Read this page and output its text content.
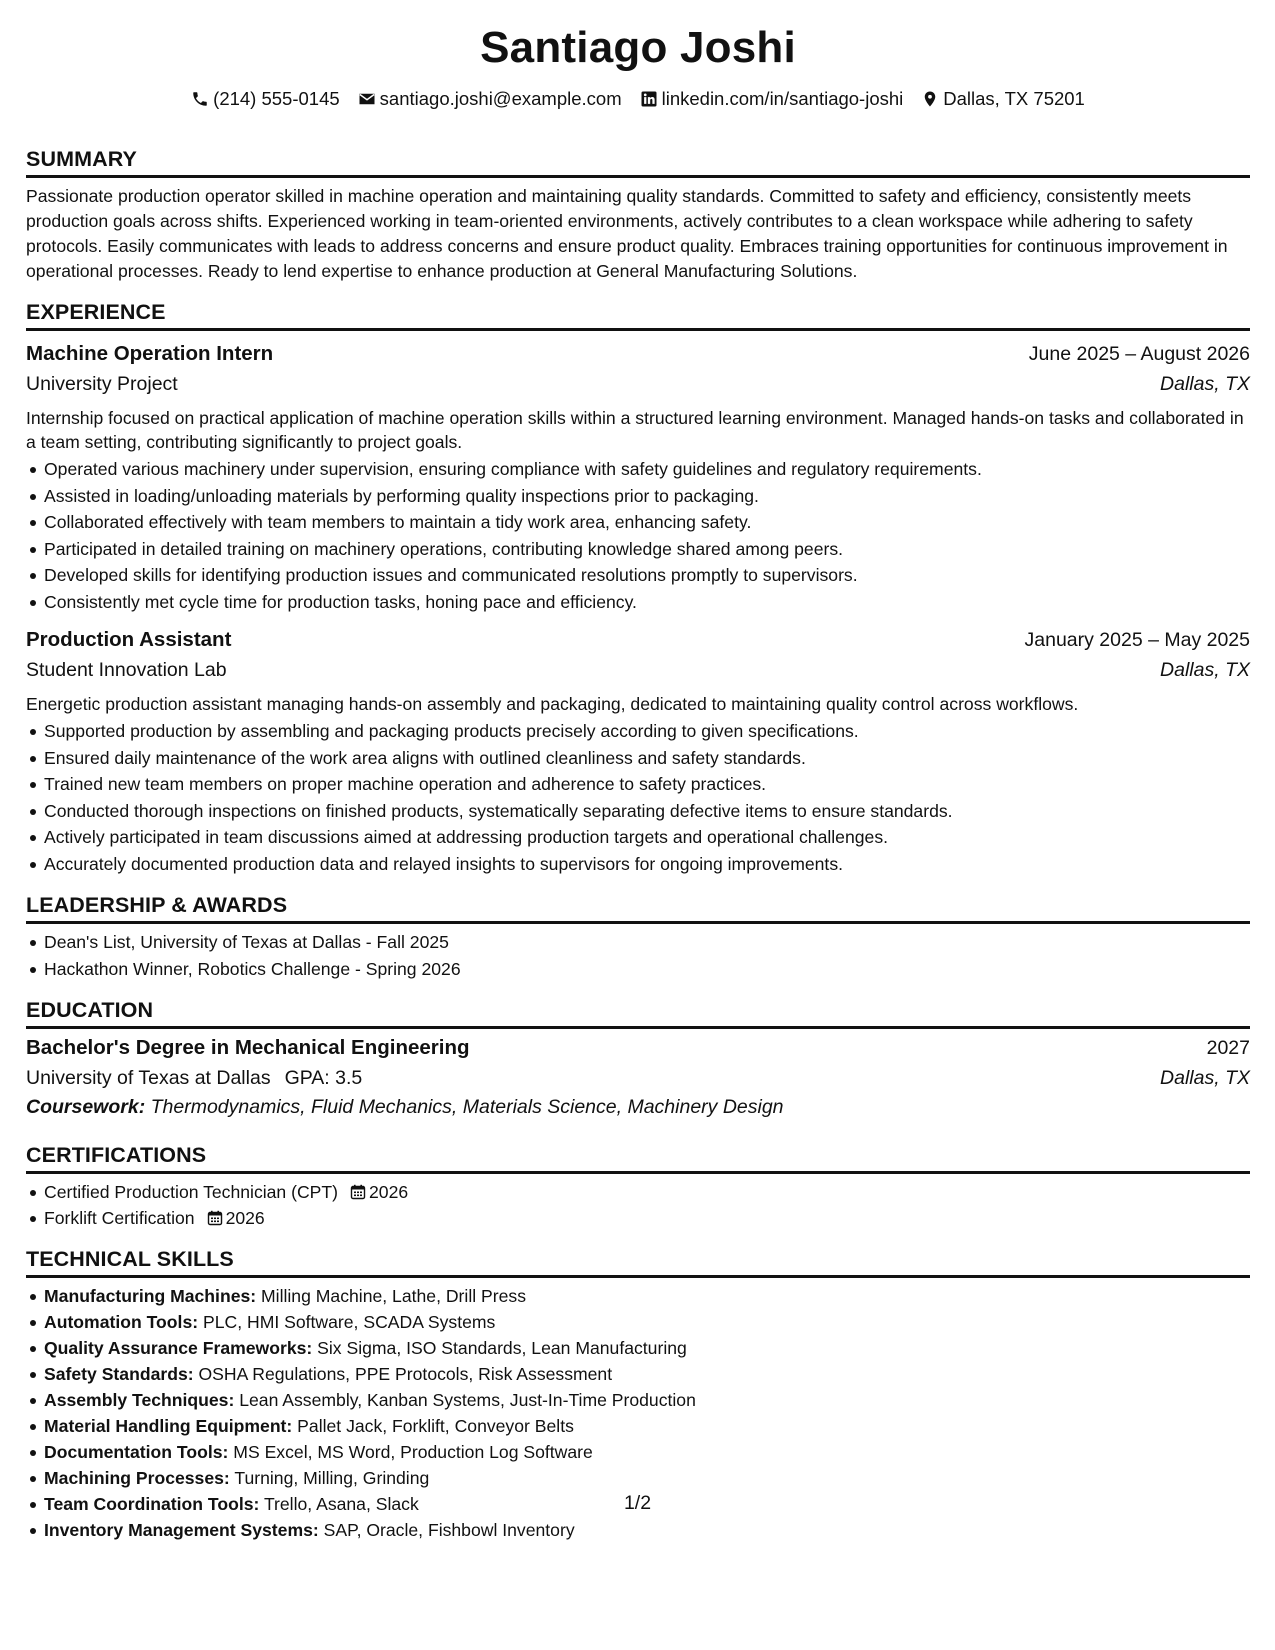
Santiago Joshi
(214) 555-0145 santiago.joshi@example.com linkedin.com/in/santiago-joshi Dallas, TX 75201
SUMMARY

Passionate production operator skilled in machine operation and maintaining quality standards. Committed to safety and efficiency, consistently meets production goals across shifts. Experienced working in team-oriented environments, actively contributes to a clean workspace while adhering to safety protocols. Easily communicates with leads to address concerns and ensure product quality. Embraces training opportunities for continuous improvement in operational processes. Ready to lend expertise to enhance production at General Manufacturing Solutions.

EXPERIENCE
Machine Operation Intern	June 2025 – August 2026
University Project	Dallas, TX

Internship focused on practical application of machine operation skills within a structured learning environment. Managed hands-on tasks and collaborated in a team setting, contributing significantly to project goals.

Operated various machinery under supervision, ensuring compliance with safety guidelines and regulatory requirements.
Assisted in loading/unloading materials by performing quality inspections prior to packaging.
Collaborated effectively with team members to maintain a tidy work area, enhancing safety.
Participated in detailed training on machinery operations, contributing knowledge shared among peers.
Developed skills for identifying production issues and communicated resolutions promptly to supervisors.
Consistently met cycle time for production tasks, honing pace and efficiency.
Production Assistant	January 2025 – May 2025
Student Innovation Lab	Dallas, TX

Energetic production assistant managing hands-on assembly and packaging, dedicated to maintaining quality control across workflows.

Supported production by assembling and packaging products precisely according to given specifications.
Ensured daily maintenance of the work area aligns with outlined cleanliness and safety standards.
Trained new team members on proper machine operation and adherence to safety practices.
Conducted thorough inspections on finished products, systematically separating defective items to ensure standards.
Actively participated in team discussions aimed at addressing production targets and operational challenges.
Accurately documented production data and relayed insights to supervisors for ongoing improvements.
LEADERSHIP & AWARDS
Dean's List, University of Texas at Dallas - Fall 2025
Hackathon Winner, Robotics Challenge - Spring 2026
EDUCATION
Bachelor's Degree in Mechanical Engineering	2027
University of Texas at Dallas GPA: 3.5	Dallas, TX
Coursework: Thermodynamics, Fluid Mechanics, Materials Science, Machinery Design
CERTIFICATIONS
Certified Production Technician (CPT) 2026
Forklift Certification 2026
TECHNICAL SKILLS
Manufacturing Machines: Milling Machine, Lathe, Drill Press
Automation Tools: PLC, HMI Software, SCADA Systems
Quality Assurance Frameworks: Six Sigma, ISO Standards, Lean Manufacturing
Safety Standards: OSHA Regulations, PPE Protocols, Risk Assessment
Assembly Techniques: Lean Assembly, Kanban Systems, Just-In-Time Production
Material Handling Equipment: Pallet Jack, Forklift, Conveyor Belts
Documentation Tools: MS Excel, MS Word, Production Log Software
Machining Processes: Turning, Milling, Grinding
Team Coordination Tools: Trello, Asana, Slack
Inventory Management Systems: SAP, Oracle, Fishbowl Inventory
1/2
